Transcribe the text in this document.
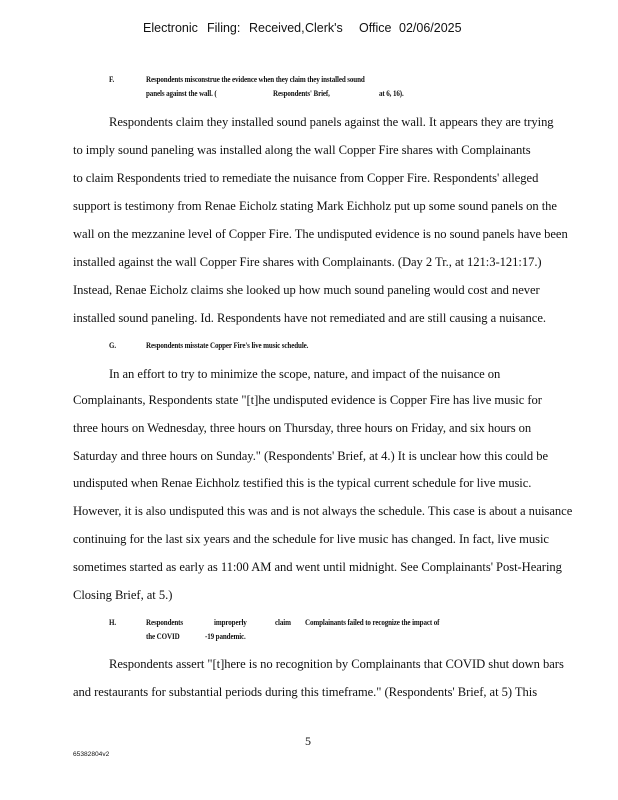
Electronic Filing: Received, Clerk's Office 02/06/2025
F.	Respondents misconstrue the evidence when they claim they installed sound
panels against the wall. (	Respondents' Brief,	at 6, 16).
Respondents claim they installed sound panels against the wall. It appears they are trying
to imply sound paneling was installed along the wall Copper Fire shares with Complainants
to claim Respondents tried to remediate the nuisance from Copper Fire. Respondents' alleged
support is testimony from Renae Eicholz stating Mark Eichholz put up some sound panels on the
wall on the mezzanine level of Copper Fire. The undisputed evidence is no sound panels have been
installed against the wall Copper Fire shares with Complainants. (Day 2 Tr., at 121:3-121:17.)
Instead, Renae Eicholz claims she looked up how much sound paneling would cost and never
installed sound paneling. Id. Respondents have not remediated and are still causing a nuisance.
G.	Respondents misstate Copper Fire's live music schedule.
In an effort to try to minimize the scope, nature, and impact of the nuisance on
Complainants, Respondents state "[t]he undisputed evidence is Copper Fire has live music for
three hours on Wednesday, three hours on Thursday, three hours on Friday, and six hours on
Saturday and three hours on Sunday." (Respondents' Brief, at 4.) It is unclear how this could be
undisputed when Renae Eichholz testified this is the typical current schedule for live music.
However, it is also undisputed this was and is not always the schedule. This case is about a nuisance
continuing for the last six years and the schedule for live music has changed. In fact, live music
sometimes started as early as 11:00 AM and went until midnight. See Complainants' Post-Hearing
Closing Brief, at 5.)
H.	Respondents	improperly	claim Complainants failed to recognize the impact of
the COVID	-19 pandemic.
Respondents assert "[t]here is no recognition by Complainants that COVID shut down bars
and restaurants for substantial periods during this timeframe." (Respondents' Brief, at 5) This
5
65382804v2
